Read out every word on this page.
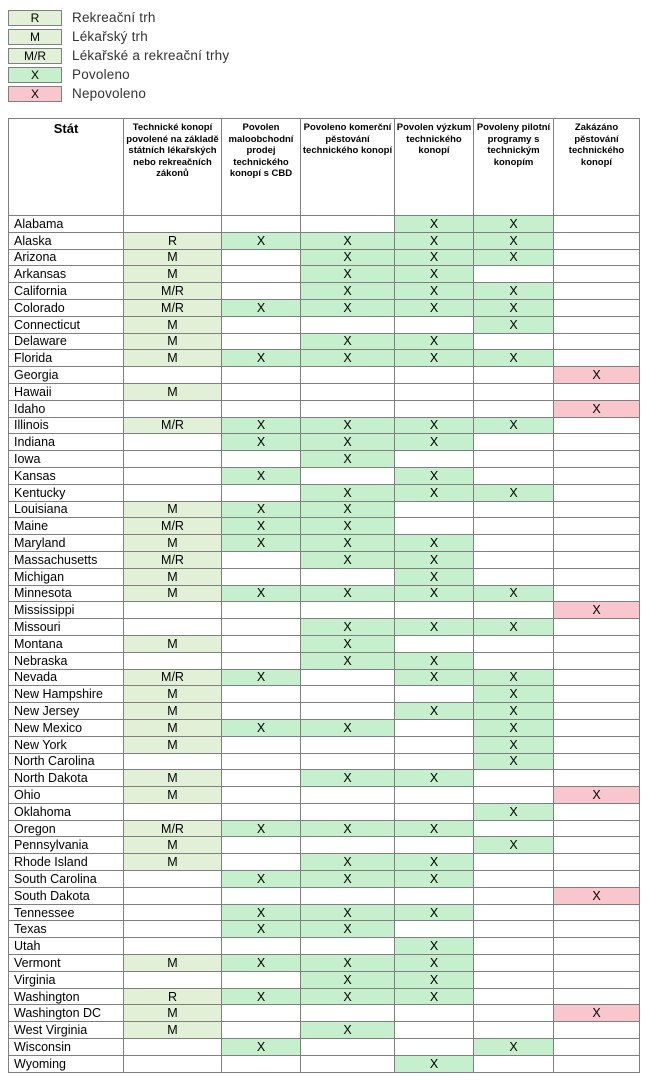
R	Rekreační trh
M	Lékařský trh
M/R	Lékařské a rekreační trhy
X	Povoleno
X	Nepovoleno
Stát	Technické konopí povolené na základě státních lékařských nebo rekreačních zákonů	Povolen maloobchodní prodej technického konopí s CBD	Povoleno komerční pěstování technického konopí	Povolen výzkum technického konopí	Povoleny pilotní programy s technickým konopím	Zakázáno pěstování technického konopí
Alabama				X	X	
Alaska	R	X	X	X	X	
Arizona	M		X	X	X	
Arkansas	M		X	X		
California	M/R		X	X	X	
Colorado	M/R	X	X	X	X	
Connecticut	M				X	
Delaware	M		X	X		
Florida	M	X	X	X	X	
Georgia						X
Hawaii	M					
Idaho						X
Illinois	M/R	X	X	X	X	
Indiana		X	X	X		
Iowa			X			
Kansas		X		X		
Kentucky			X	X	X	
Louisiana	M	X	X			
Maine	M/R	X	X			
Maryland	M	X	X	X		
Massachusetts	M/R		X	X		
Michigan	M			X		
Minnesota	M	X	X	X	X	
Mississippi						X
Missouri			X	X	X	
Montana	M		X			
Nebraska			X	X		
Nevada	M/R	X		X	X	
New Hampshire	M				X	
New Jersey	M			X	X	
New Mexico	M	X	X		X	
New York	M				X	
North Carolina					X	
North Dakota	M		X	X		
Ohio	M					X
Oklahoma					X	
Oregon	M/R	X	X	X		
Pennsylvania	M				X	
Rhode Island	M		X	X		
South Carolina		X	X	X		
South Dakota						X
Tennessee		X	X	X		
Texas		X	X			
Utah				X		
Vermont	M	X	X	X		
Virginia			X	X		
Washington	R	X	X	X		
Washington DC	M					X
West Virginia	M		X			
Wisconsin		X			X	
Wyoming				X		
